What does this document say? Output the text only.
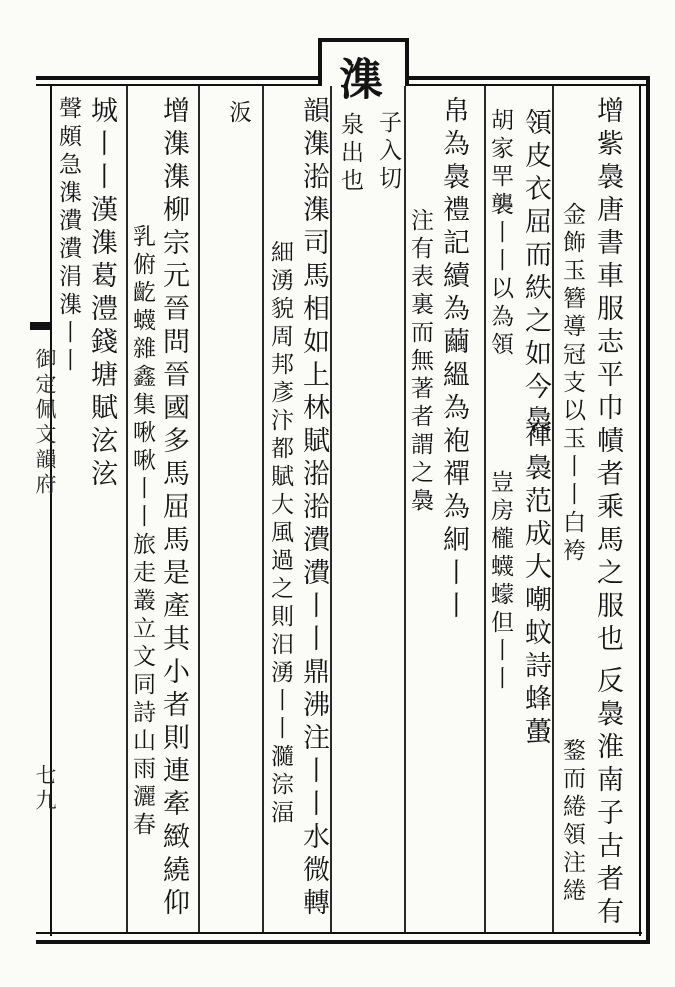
潗
子入切
泉出也	增紫䙚唐書車服志平巾幘者乘馬之服也
金飾玉簪導冠支以玉丨丨白袴
反䙚淮南子古者有
鍪而綣領注綣
領皮衣屈而紩之如今䙚
胡家䍐襲丨丨以為領
褌䙚范成大嘲蚊詩蜂蠆
豈房櫳蠛蠓但丨丨
帛為䙚禮記續為繭縕為袍禪為絅丨丨
注有表裏而無著者謂之䙚
韻潗湁潗司馬相如上林賦湁湁㵒㵒丨丨鼎沸注丨丨水微轉
細湧貌周邦彥汴都賦大風過之則汨湧丨丨瀡淙湢
汳
增潗潗柳宗元晉問晉國多馬屈馬是產其小者則連牽緻繞仰
乳俯齕蠛雜鑫集啾啾丨丨旅走叢立文同詩山雨灑春
城丨丨漢潗葛澧錢塘賦泫泫
聲頗急潗㵒㵒涓潗丨丨
御定佩文韻府
七九
